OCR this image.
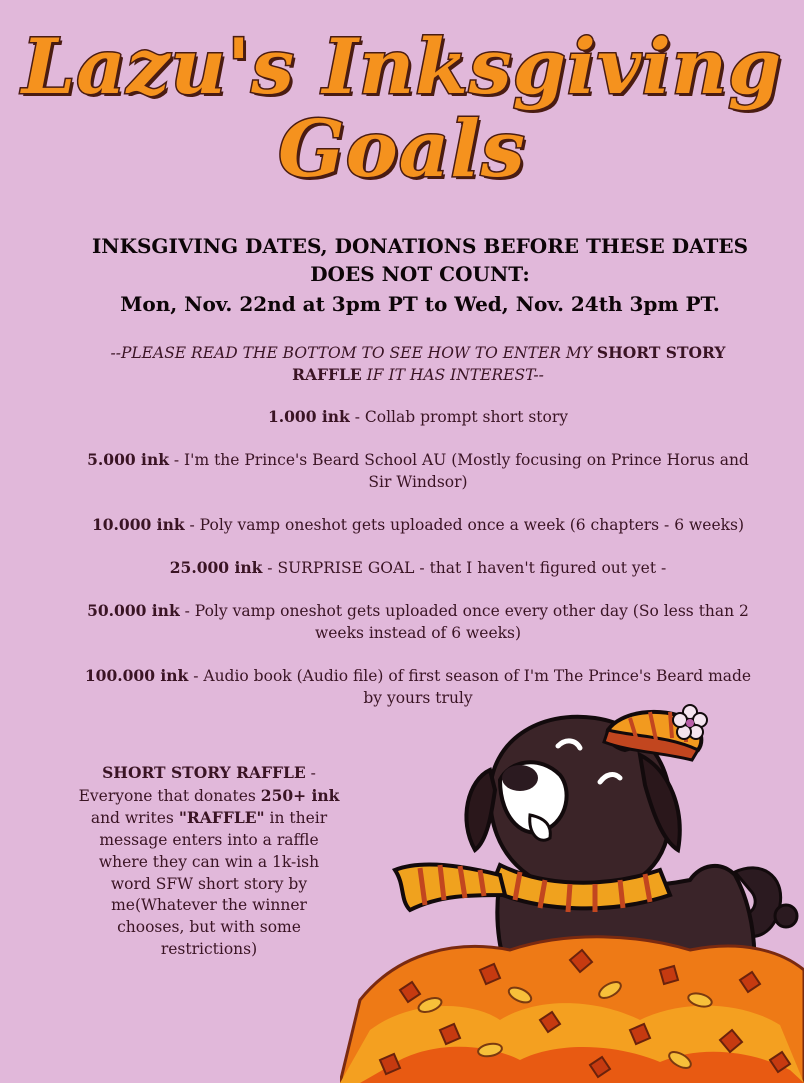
Lazu's Inksgiving
Goals
INKSGIVING DATES, DONATIONS BEFORE THESE DATES DOES NOT COUNT:
Mon, Nov. 22nd at 3pm PT to Wed, Nov. 24th 3pm PT.
--PLEASE READ THE BOTTOM TO SEE HOW TO ENTER MY SHORT STORY RAFFLE IF IT HAS INTEREST--
1.000 ink - Collab prompt short story
5.000 ink - I'm the Prince's Beard School AU (Mostly focusing on Prince Horus and Sir Windsor)
10.000 ink - Poly vamp oneshot gets uploaded once a week (6 chapters - 6 weeks)
25.000 ink - SURPRISE GOAL - that I haven't figured out yet -
50.000 ink - Poly vamp oneshot gets uploaded once every other day (So less than 2 weeks instead of 6 weeks)
100.000 ink - Audio book (Audio file) of first season of I'm The Prince's Beard made by yours truly
SHORT STORY RAFFLE - Everyone that donates 250+ ink and writes "RAFFLE" in their message enters into a raffle where they can win a 1k-ish word SFW short story by me(Whatever the winner chooses, but with some restrictions)
